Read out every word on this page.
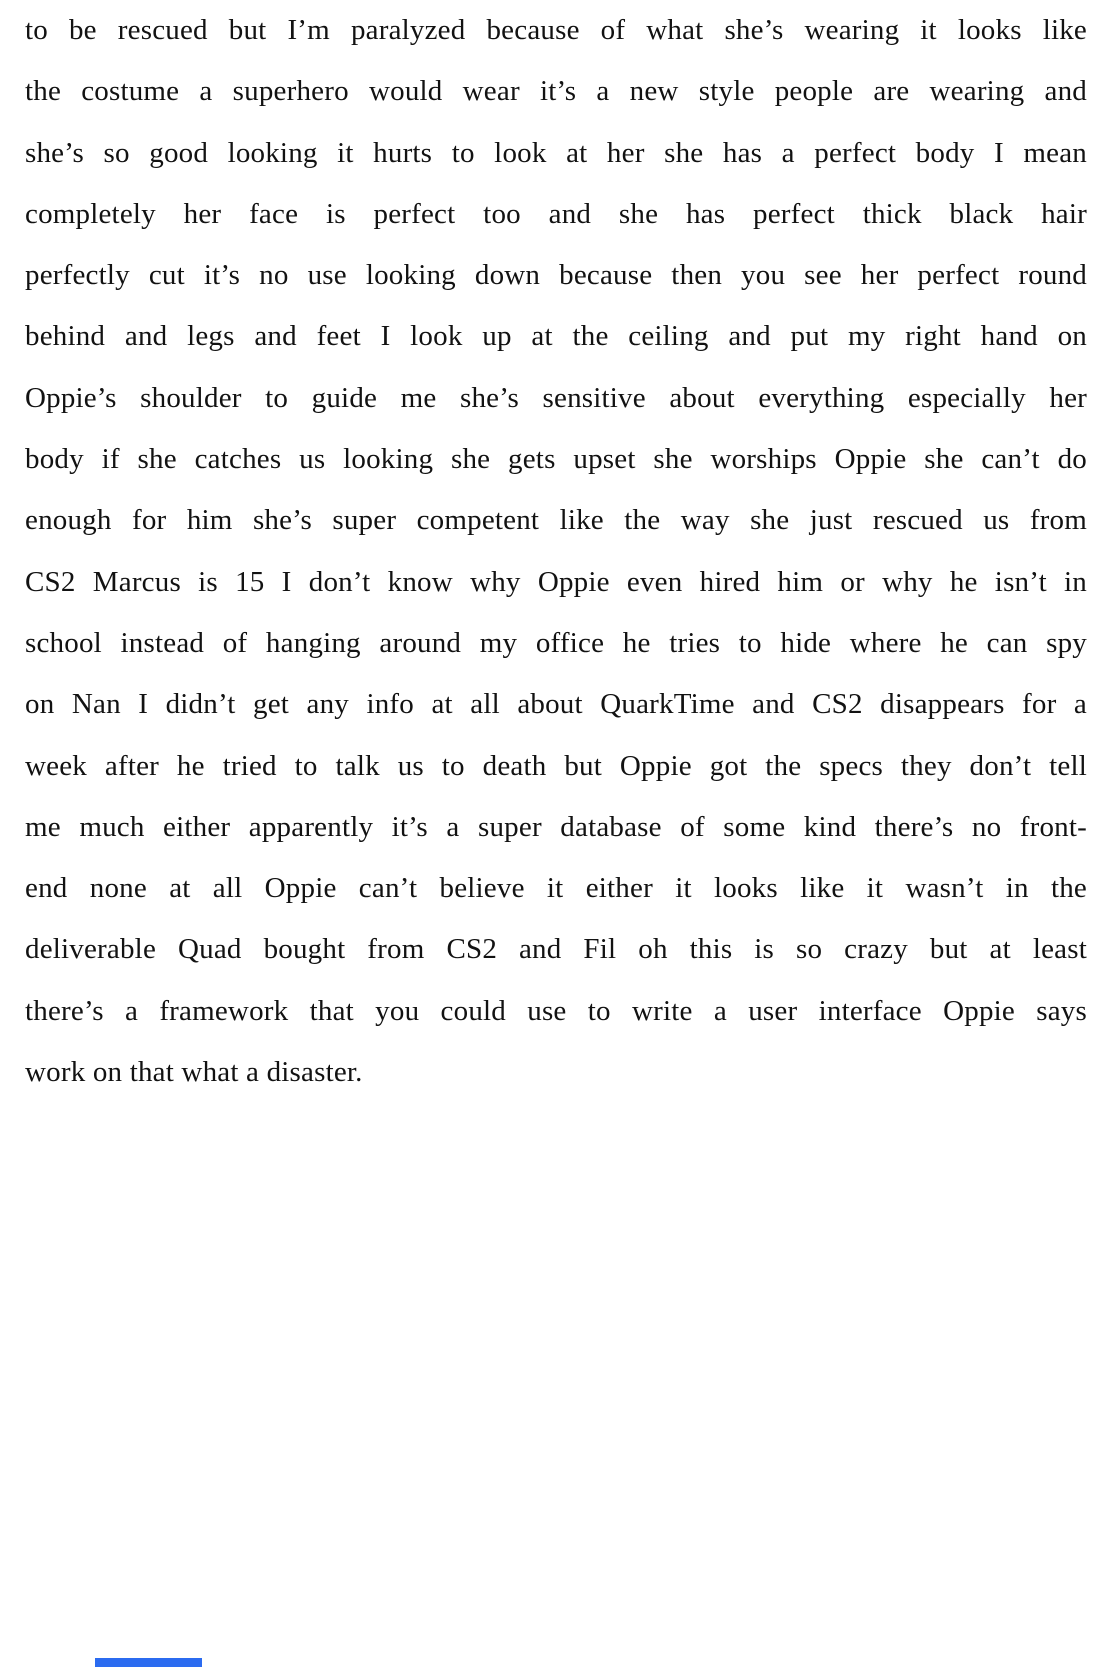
to be rescued but I’m paralyzed because of what she’s wearing it looks like
the costume a superhero would wear it’s a new style people are wearing and
she’s so good looking it hurts to look at her she has a perfect body I mean
completely her face is perfect too and she has perfect thick black hair
perfectly cut it’s no use looking down because then you see her perfect round
behind and legs and feet I look up at the ceiling and put my right hand on
Oppie’s shoulder to guide me she’s sensitive about everything especially her
body if she catches us looking she gets upset she worships Oppie she can’t do
enough for him she’s super competent like the way she just rescued us from
CS2 Marcus is 15 I don’t know why Oppie even hired him or why he isn’t in
school instead of hanging around my office he tries to hide where he can spy
on Nan I didn’t get any info at all about QuarkTime and CS2 disappears for a
week after he tried to talk us to death but Oppie got the specs they don’t tell
me much either apparently it’s a super database of some kind there’s no front-
end none at all Oppie can’t believe it either it looks like it wasn’t in the
deliverable Quad bought from CS2 and Fil oh this is so crazy but at least
there’s a framework that you could use to write a user interface Oppie says
work on that what a disaster.
